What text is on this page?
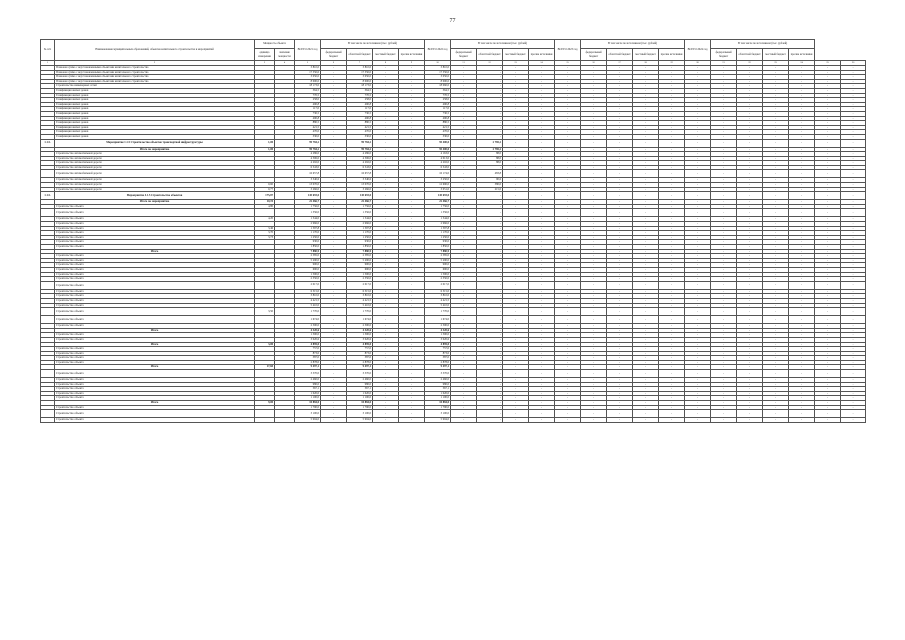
77
№ п/п	Наименование муниципальных образований, объектов капитального строительства и мероприятий	Мощность объекта		ВСЕГО 2021 год	В том числе по источникам (тыс. рублей)				ВСЕГО 2022 год	В том числе по источникам (тыс. рублей)				ВСЕГО 2023 год	В том числе по источникам (тыс. рублей)				ВСЕГО 2024 год	В том числе по источникам (тыс. рублей)					

		единица измерения	значение мощности		федеральный бюджет	областной бюджет	местный бюджет	прочие источники		федеральный бюджет	областной бюджет	местный бюджет	прочие источники		федеральный бюджет	областной бюджет	местный бюджет	прочие источники		федеральный бюджет	областной бюджет	местный бюджет	прочие источники		
1	2	3	4	5	6	7	8	9	10	11	12	13	14	15	16	17	18	19	20	21	22	23	24	25	26
	Плановая сумма с неустановленными объектами капитального строительства			3 810,0	-	3 810,0	-	-	3 810,0	-	-	-	-	-	-	-	-	-	-	-	-	-	-	-	-
	Плановая сумма с неустановленными объектами капитального строительства			17 550,0	-	17 550,0	-	-	17 550,0	-	-	-	-	-	-	-	-	-	-	-	-	-	-	-	-
	Плановая сумма с неустановленными объектами капитального строительства			3 050,0	-	3 050,0	-	-	3 050,0	-	-	-	-	-	-	-	-	-	-	-	-	-	-	-	-
	Плановая сумма с неустановленными объектами капитального строительства			8 000,0	-	8 000,0	-	-	8 000,0	-	-	-	-	-	-	-	-	-	-	-	-	-	-	-	-
	Строительство инженерных сетей			18 173,0	-	18 173,0	-	-	18 060,0	-	-	-	-	-	-	-	-	-	-	-	-	-	-	-	-
	Газификация жилых домов			364,5	-	364,5	-	-	364,5	-	-	-	-	-	-	-	-	-	-	-	-	-	-	-	-
	Газификация жилых домов			770,5	-	770,5	-	-	770,5	-	-	-	-	-	-	-	-	-	-	-	-	-	-	-	-
	Газификация жилых домов			258,0	-	258,0	-	-	258,0	-	-	-	-	-	-	-	-	-	-	-	-	-	-	-	-
	Газификация жилых домов			490,8	-	490,8	-	-	490,8	-	-	-	-	-	-	-	-	-	-	-	-	-	-	-	-
	Газификация жилых домов			117,0	-	117,0	-	-	117,0	-	-	-	-	-	-	-	-	-	-	-	-	-	-	-	-
	Газификация жилых домов			730,5	-	730,5	-	-	730,5	-	-	-	-	-	-	-	-	-	-	-	-	-	-	-	-
	Газификация жилых домов			490,8	-	490,8	-	-	490,8	-	-	-	-	-	-	-	-	-	-	-	-	-	-	-	-
	Газификация жилых домов			880,5	-	880,5	-	-	880,5	-	-	-	-	-	-	-	-	-	-	-	-	-	-	-	-
	Газификация жилых домов			421,5	-	421,5	-	-	421,5	-	-	-	-	-	-	-	-	-	-	-	-	-	-	-	-
	Газификация жилых домов			470,0	-	470,0	-	-	470,0	-	-	-	-	-	-	-	-	-	-	-	-	-	-	-	-
	Газификация жилых домов			330,0	-	330,0	-	-	330,0	-	-	-	-	-	-	-	-	-	-	-	-	-	-	-	-
1.1.5.	Мероприятие 1.1.5 Строительство объектов транспортной инфраструктуры	1,00		99 784,2	-	99 784,2	-	-	95 400,0	-	2 785,2	-	-	-	-	-	-	-	-	-	-	-	-	-	-
	Итого по мероприятию	1,00		99 784,2	-	99 784,2	-	-	95 400,0	-	2 785,2	-	-	-	-	-	-	-	-	-	-	-	-	-	-
	Строительство автомобильной дороги			4 286,0	-	4 286,0	-	-	4 163,0	-	88,0	-	-	-	-	-	-	-	-	-	-	-	-	-	-
	Строительство автомобильной дороги			4 306,0	-	4 306,0	-	-	4 013,0	-	88,0	-	-	-	-	-	-	-	-	-	-	-	-	-	-
	Строительство автомобильной дороги			4 292,0	-	4 292,0	-	-	4 202,0	-	88,0	-	-	-	-	-	-	-	-	-	-	-	-	-	-
	Строительство автомобильной дороги			6 543,0	-	6 543,0	-	-	6 543,0	-	-	-	-	-	-	-	-	-	-	-	-	-	-	-	-
	Строительство автомобильной дороги			16 657,8	-	16 657,8	-	-	16 174,0	-	483,8	-	-	-	-	-	-	-	-	-	-	-	-	-	-
	Строительство автомобильной дороги			3 340,6	-	3 340,6	-	-	3 250,0	-	90,6	-	-	-	-	-	-	-	-	-	-	-	-	-	-
	Строительство автомобильной дороги	0,60		13 070,0	-	13 070,0	-	-	12 690,0	-	380,0	-	-	-	-	-	-	-	-	-	-	-	-	-	-
	Строительство автомобильной дороги	0,77		3 266,0	-	3 266,0	-	-	3 051,0	-	215,0	-	-	-	-	-	-	-	-	-	-	-	-	-	-
1.1.5.	Мероприятие 4.1.5 Строительство объектов	175,87		145 693,0	-	145 693,0	-	-	145 693,0	-	-	-	-	-	-	-	-	-	-	-	-	-	-	-	-
	Итого по мероприятию	10,19		22 466,7	-	22 466,7	-	-	22 466,7	-	-	-	-	-	-	-	-	-	-	-	-	-	-	-	-
	Строительство объекта	4,80		1 756,0	-	1 756,0	-	-	1 756,0	-	-	-	-	-	-	-	-	-	-	-	-	-	-	-	-
	Строительство объекта			1 356,0	-	1 356,0	-	-	1 356,0	-	-	-	-	-	-	-	-	-	-	-	-	-	-	-	-
	Строительство объекта	4,20		1 544,0	-	1 544,0	-	-	1 544,0	-	-	-	-	-	-	-	-	-	-	-	-	-	-	-	-
	Строительство объекта			2 966,0	-	2 966,0	-	-	2 966,0	-	-	-	-	-	-	-	-	-	-	-	-	-	-	-	-
	Строительство объекта	3,46		1 597,8	-	1 597,8	-	-	1 597,8	-	-	-	-	-	-	-	-	-	-	-	-	-	-	-	-
	Строительство объекта	3,70		1 170,0	-	1 170,0	-	-	1 170,0	-	-	-	-	-	-	-	-	-	-	-	-	-	-	-	-
	Строительство объекта	3,73		1 250,0	-	1 250,0	-	-	1 250,0	-	-	-	-	-	-	-	-	-	-	-	-	-	-	-	-
	Строительство объекта			930,0	-	930,0	-	-	930,0	-	-	-	-	-	-	-	-	-	-	-	-	-	-	-	-
	Строительство объекта			1 850,0	-	1 850,0	-	-	1 850,0	-	-	-	-	-	-	-	-	-	-	-	-	-	-	-	-
	Итого			7 880,9	-	7 880,9	-	-	7 880,9	-	-	-	-	-	-	-	-	-	-	-	-	-	-	-	-
	Строительство объекта			2 585,0	-	2 585,0	-	-	2 585,0	-	-	-	-	-	-	-	-	-	-	-	-	-	-	-	-
	Строительство объекта			5 290,0	-	5 290,0	-	-	5 290,0	-	-	-	-	-	-	-	-	-	-	-	-	-	-	-	-
	Строительство объекта			900,0	-	900,0	-	-	900,0	-	-	-	-	-	-	-	-	-	-	-	-	-	-	-	-
	Строительство объекта			690,0	-	690,0	-	-	690,0	-	-	-	-	-	-	-	-	-	-	-	-	-	-	-	-
	Строительство объекта			1 500,0	-	1 500,0	-	-	1 500,0	-	-	-	-	-	-	-	-	-	-	-	-	-	-	-	-
	Строительство объекта			2 350,0	-	2 350,0	-	-	2 350,0	-	-	-	-	-	-	-	-	-	-	-	-	-	-	-	-
	Строительство объекта			2 017,0	-	2 017,0	-	-	2 017,0	-	-	-	-	-	-	-	-	-	-	-	-	-	-	-	-
	Строительство объекта			6 315,0	-	6 315,0	-	-	6 315,0	-	-	-	-	-	-	-	-	-	-	-	-	-	-	-	-
	Строительство объекта			3 810,0	-	3 810,0	-	-	3 810,0	-	-	-	-	-	-	-	-	-	-	-	-	-	-	-	-
	Строительство объекта			4 421,5	-	4 421,5	-	-	4 421,5	-	-	-	-	-	-	-	-	-	-	-	-	-	-	-	-
	Строительство объекта			5 410,0	-	5 410,0	-	-	5 410,0	-	-	-	-	-	-	-	-	-	-	-	-	-	-	-	-
	Строительство объекта	3,50		1 770,0	-	1 770,0	-	-	1 770,0	-	-	-	-	-	-	-	-	-	-	-	-	-	-	-	-
	Строительство объекта			1 674,0	-	1 674,0	-	-	1 674,0	-	-	-	-	-	-	-	-	-	-	-	-	-	-	-	-
	Строительство объекта			2 300,0	-	2 300,0	-	-	2 300,0	-	-	-	-	-	-	-	-	-	-	-	-	-	-	-	-
	Итого			4 320,6	-	4 320,6	-	-	4 320,6	-	-	-	-	-	-	-	-	-	-	-	-	-	-	-	-
	Строительство объекта			1 300,0	-	1 300,0	-	-	1 300,0	-	-	-	-	-	-	-	-	-	-	-	-	-	-	-	-
	Строительство объекта			3 020,6	-	3 020,6	-	-	3 020,6	-	-	-	-	-	-	-	-	-	-	-	-	-	-	-	-
	Итого	3,00		4 895,0	-	4 895,0	-	-	4 895,0	-	-	-	-	-	-	-	-	-	-	-	-	-	-	-	-
	Строительство объекта			757,0	-	757,0	-	-	757,0	-	-	-	-	-	-	-	-	-	-	-	-	-	-	-	-
	Строительство объекта			873,0	-	873,0	-	-	873,0	-	-	-	-	-	-	-	-	-	-	-	-	-	-	-	-
	Строительство объекта			387,0	-	387,0	-	-	387,0	-	-	-	-	-	-	-	-	-	-	-	-	-	-	-	-
	Строительство объекта			2 878,0	-	2 878,0	-	-	2 878,0	-	-	-	-	-	-	-	-	-	-	-	-	-	-	-	-
	Итого	17,60		9 497,1	-	9 497,1	-	-	9 497,1	-	-	-	-	-	-	-	-	-	-	-	-	-	-	-	-
	Строительство объекта			3 370,0	-	3 370,0	-	-	3 370,0	-	-	-	-	-	-	-	-	-	-	-	-	-	-	-	-
	Строительство объекта			2 460,0	-	2 460,0	-	-	2 460,0	-	-	-	-	-	-	-	-	-	-	-	-	-	-	-	-
	Строительство объекта			980,0	-	980,0	-	-	980,0	-	-	-	-	-	-	-	-	-	-	-	-	-	-	-	-
	Строительство объекта			567,1	-	567,1	-	-	567,1	-	-	-	-	-	-	-	-	-	-	-	-	-	-	-	-
	Строительство объекта			1 020,0	-	1 020,0	-	-	1 020,0	-	-	-	-	-	-	-	-	-	-	-	-	-	-	-	-
	Строительство объекта			1 100,0	-	1 100,0	-	-	1 100,0	-	-	-	-	-	-	-	-	-	-	-	-	-	-	-	-
	Итого	9,00		10 884,0	-	10 884,0	-	-	10 884,0	-	-	-	-	-	-	-	-	-	-	-	-	-	-	-	-
	Строительство объекта			1 790,0	-	1 790,0	-	-	1 790,0	-	-	-	-	-	-	-	-	-	-	-	-	-	-	-	-
	Строительство объекта			3 100,0	-	3 100,0	-	-	3 100,0	-	-	-	-	-	-	-	-	-	-	-	-	-	-	-	-
	Строительство объекта			5 994,0	-	5 994,0	-	-	5 994,0	-	-	-	-	-	-	-	-	-	-	-	-	-	-	-	-
